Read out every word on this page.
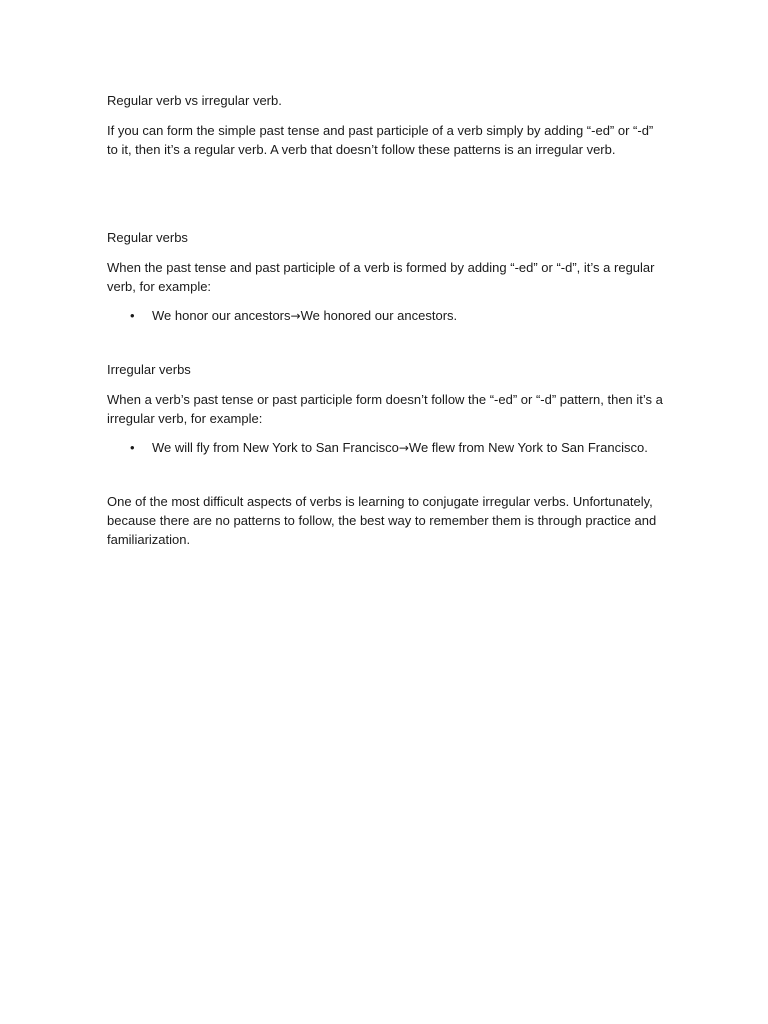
Regular verb vs irregular verb.

If you can form the simple past tense and past participle of a verb simply by adding “-ed” or “-d” to it, then it’s a regular verb. A verb that doesn’t follow these patterns is an irregular verb.

Regular verbs

When the past tense and past participle of a verb is formed by adding “-ed” or “-d”, it’s a regular verb, for example:

• We honor our ancestors→We honored our ancestors.

Irregular verbs

When a verb’s past tense or past participle form doesn’t follow the “-ed” or “-d” pattern, then it’s a irregular verb, for example:

• We will fly from New York to San Francisco→We flew from New York to San Francisco.

One of the most difficult aspects of verbs is learning to conjugate irregular verbs. Unfortunately, because there are no patterns to follow, the best way to remember them is through practice and familiarization.
